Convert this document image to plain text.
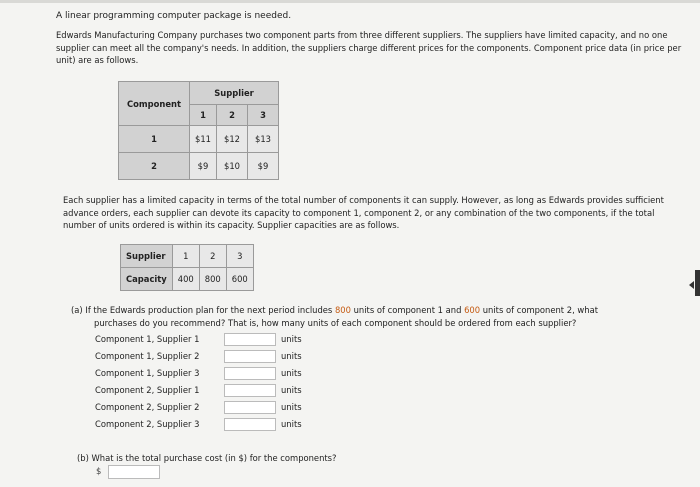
A linear programming computer package is needed.

Edwards Manufacturing Company purchases two component parts from three different suppliers. The suppliers have limited capacity, and no one supplier can meet all the company's needs. In addition, the suppliers charge different prices for the components. Component price data (in price per unit) are as follows.

Component	Supplier		
	1	2	3
1	$11	$12	$13
2	$9	$10	$9

Each supplier has a limited capacity in terms of the total number of components it can supply. However, as long as Edwards provides sufficient advance orders, each supplier can devote its capacity to component 1, component 2, or any combination of the two components, if the total number of units ordered is within its capacity. Supplier capacities are as follows.

Supplier	1	2	3
Capacity	400	800	600

(a) If the Edwards production plan for the next period includes 800 units of component 1 and 600 units of component 2, what
purchases do you recommend? That is, how many units of each component should be ordered from each supplier?

Component 1, Supplier 1	units
Component 1, Supplier 2	units
Component 1, Supplier 3	units
Component 2, Supplier 1	units
Component 2, Supplier 2	units
Component 2, Supplier 3	units

(b) What is the total purchase cost (in $) for the components?

$
